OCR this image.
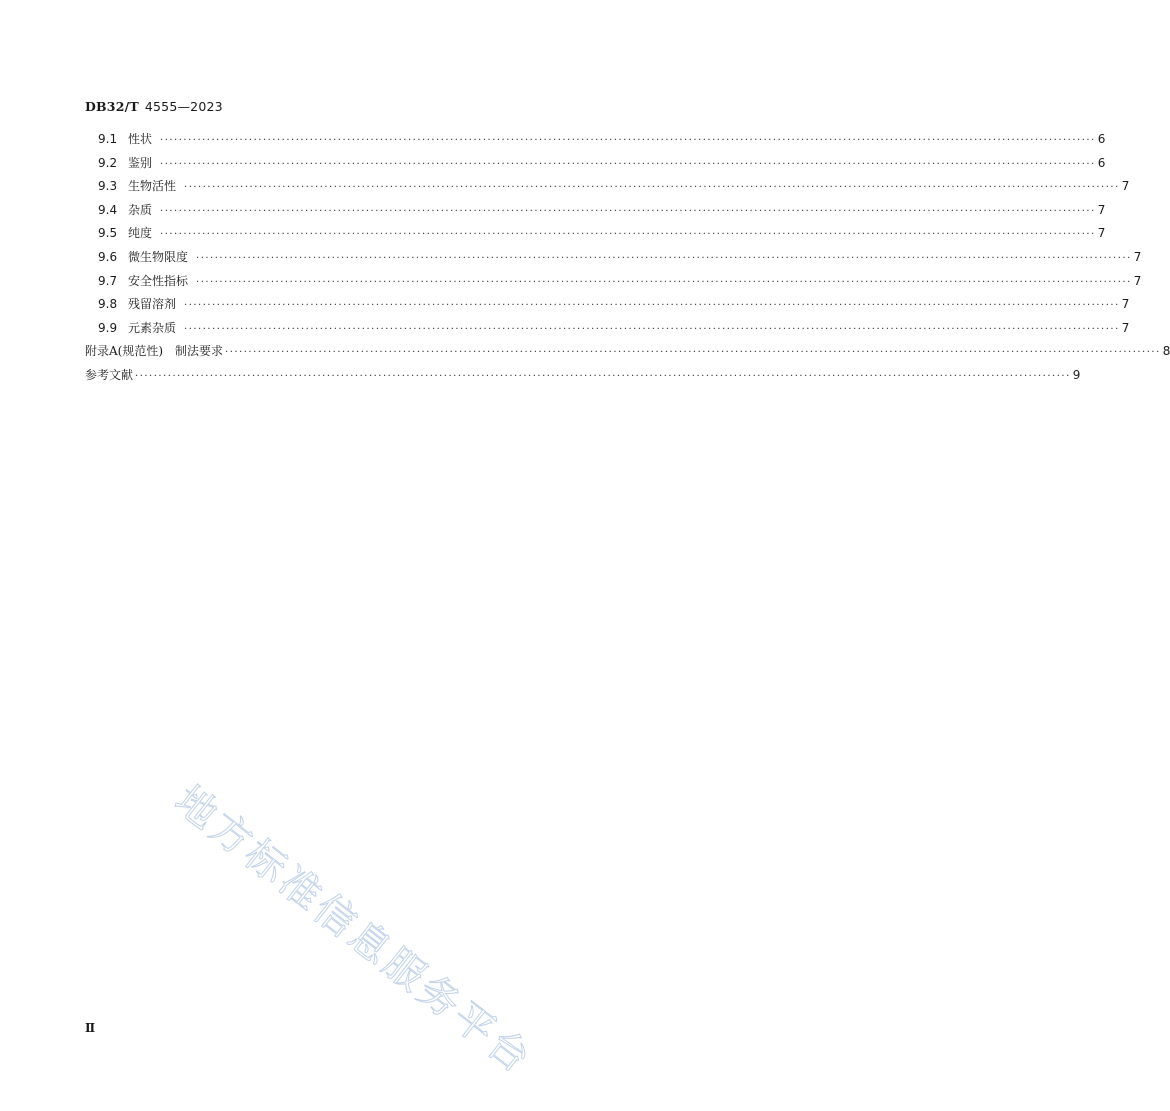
DB32/T 4555—2023
9.1 性状 ········································································································································································································ 6
9.2 鉴别 ········································································································································································································ 6
9.3 生物活性 ········································································································································································································ 7
9.4 杂质 ········································································································································································································ 7
9.5 纯度 ········································································································································································································ 7
9.6 微生物限度 ········································································································································································································ 7
9.7 安全性指标 ········································································································································································································ 7
9.8 残留溶剂 ········································································································································································································ 7
9.9 元素杂质 ········································································································································································································ 7
附录A(规范性)　制法要求 ········································································································································································································ 8
参考文献 ········································································································································································································ 9
地方标准信息服务平台
Ⅱ
